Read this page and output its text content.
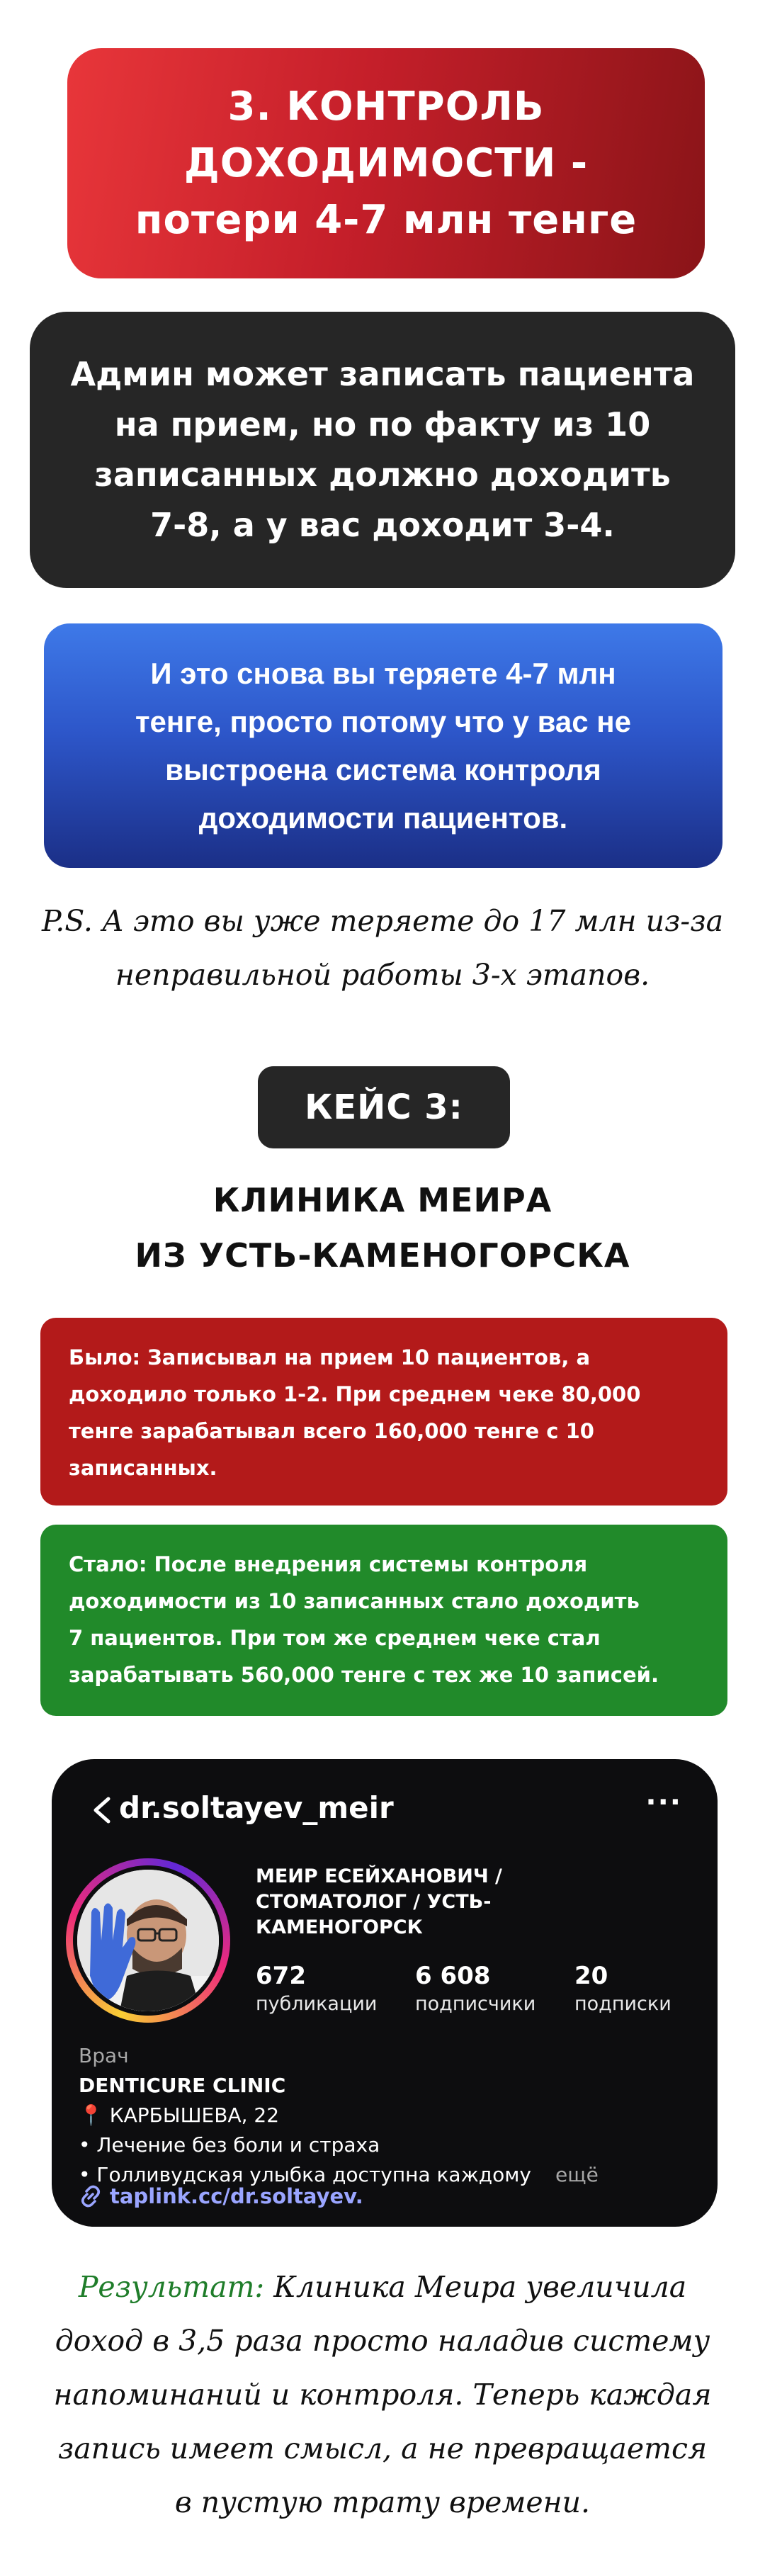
3. КОНТРОЛЬ
ДОХОДИМОСТИ -
потери 4-7 млн тенге

Админ может записать пациента
на прием, но по факту из 10
записанных должно доходить
7-8, а у вас доходит 3-4.

И это снова вы теряете 4-7 млн
тенге, просто потому что у вас не
выстроена система контроля
доходимости пациентов.

P.S. А это вы уже теряете до 17 млн из-за
неправильной работы 3-х этапов.
КЕЙС 3:
КЛИНИКА МЕИРА
ИЗ УСТЬ-КАМЕНОГОРСКА

Было: Записывал на прием 10 пациентов, а
доходило только 1-2. При среднем чеке 80,000
тенге зарабатывал всего 160,000 тенге с 10
записанных.

Стало: После внедрения системы контроля
доходимости из 10 записанных стало доходить
7 пациентов. При том же среднем чеке стал
зарабатывать 560,000 тенге с тех же 10 записей.

dr.soltayev_meir	···
МЕИР ЕСЕЙХАНОВИЧ /
СТОМАТОЛОГ / УСТЬ-
КАМЕНОГОРСК
672
публикации
6 608
подписчики
20
подписки
Врач
DENTICURE CLINIC
📍 КАРБЫШЕВА, 22
• Лечение без боли и страха
• Голливудская улыбка доступна каждому ещё
taplink.cc/dr.soltayev.
Результат: Клиника Меира увеличила
доход в 3,5 раза просто наладив систему
напоминаний и контроля. Теперь каждая
запись имеет смысл, а не превращается
в пустую трату времени.
